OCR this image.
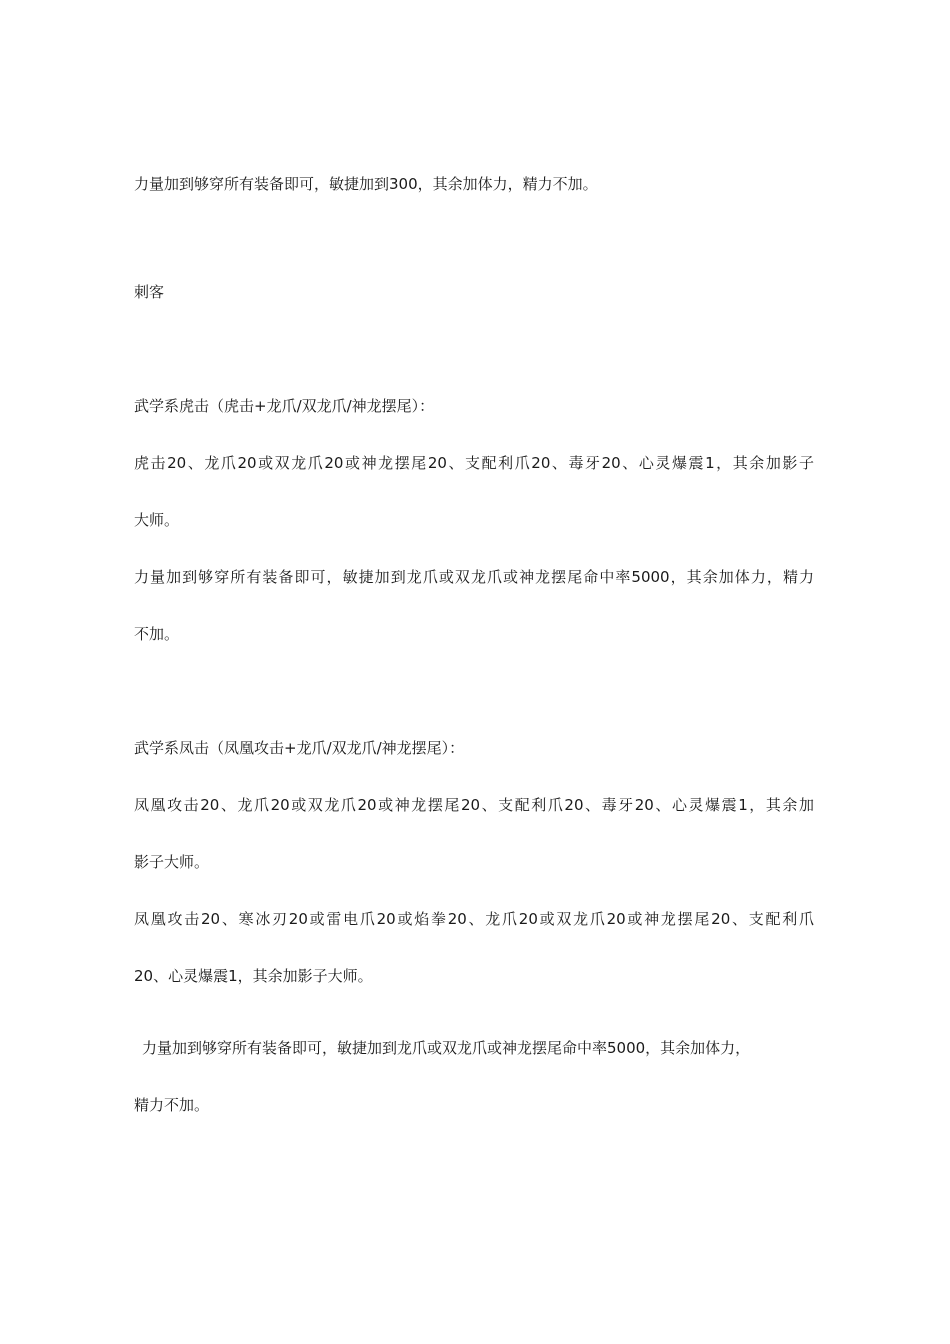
力量加到够穿所有装备即可，敏捷加到300，其余加体力，精力不加。
刺客
武学系虎击（虎击+龙爪/双龙爪/神龙摆尾）：
虎击20、龙爪20或双龙爪20或神龙摆尾20、支配利爪20、毒牙20、心灵爆震1，其余加影子
大师。
力量加到够穿所有装备即可，敏捷加到龙爪或双龙爪或神龙摆尾命中率5000，其余加体力，精力
不加。
武学系凤击（凤凰攻击+龙爪/双龙爪/神龙摆尾）：
凤凰攻击20、龙爪20或双龙爪20或神龙摆尾20、支配利爪20、毒牙20、心灵爆震1，其余加
影子大师。
凤凰攻击20、寒冰刃20或雷电爪20或焰拳20、龙爪20或双龙爪20或神龙摆尾20、支配利爪
20、心灵爆震1，其余加影子大师。
力量加到够穿所有装备即可，敏捷加到龙爪或双龙爪或神龙摆尾命中率5000，其余加体力，
精力不加。
